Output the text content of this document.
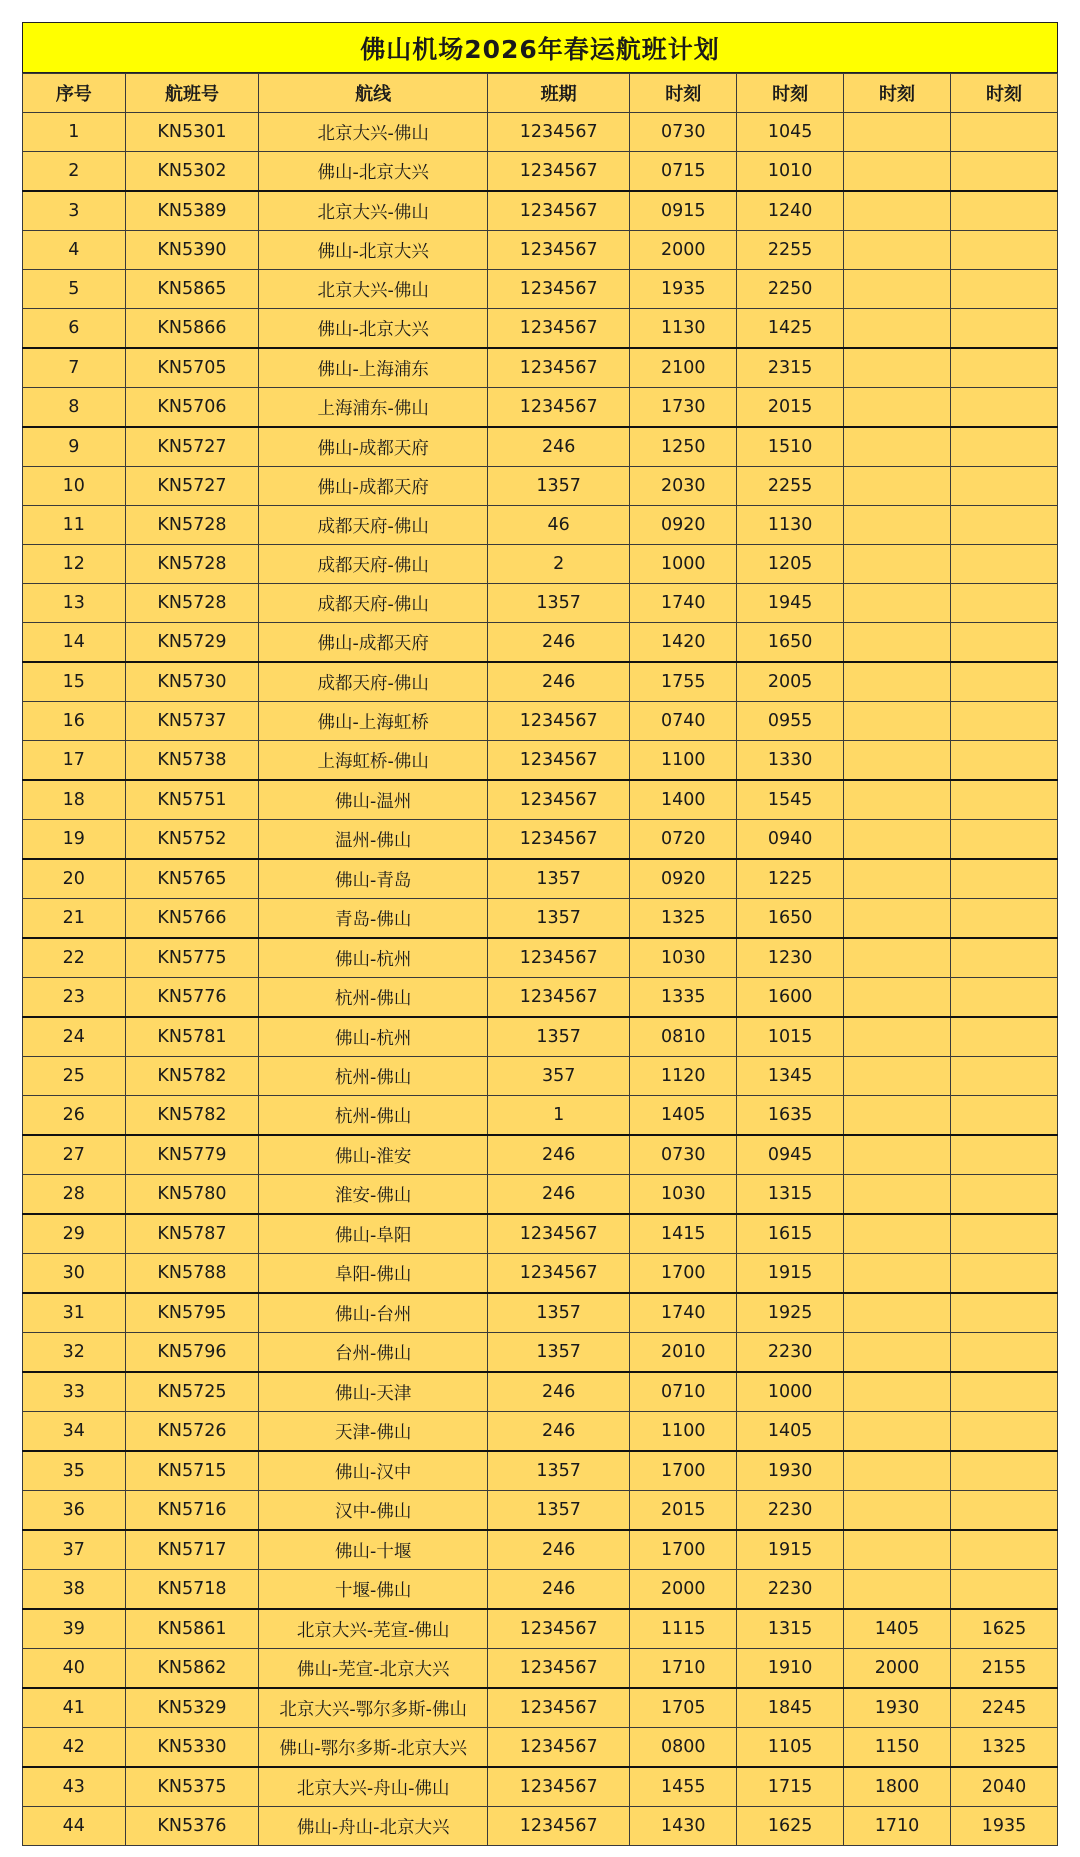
佛山机场2026年春运航班计划
序号	航班号	航线	班期	时刻	时刻	时刻	时刻
1	KN5301	北京大兴-佛山	1234567	0730	1045		
2	KN5302	佛山-北京大兴	1234567	0715	1010		
3	KN5389	北京大兴-佛山	1234567	0915	1240		
4	KN5390	佛山-北京大兴	1234567	2000	2255		
5	KN5865	北京大兴-佛山	1234567	1935	2250		
6	KN5866	佛山-北京大兴	1234567	1130	1425		
7	KN5705	佛山-上海浦东	1234567	2100	2315		
8	KN5706	上海浦东-佛山	1234567	1730	2015		
9	KN5727	佛山-成都天府	246	1250	1510		
10	KN5727	佛山-成都天府	1357	2030	2255		
11	KN5728	成都天府-佛山	46	0920	1130		
12	KN5728	成都天府-佛山	2	1000	1205		
13	KN5728	成都天府-佛山	1357	1740	1945		
14	KN5729	佛山-成都天府	246	1420	1650		
15	KN5730	成都天府-佛山	246	1755	2005		
16	KN5737	佛山-上海虹桥	1234567	0740	0955		
17	KN5738	上海虹桥-佛山	1234567	1100	1330		
18	KN5751	佛山-温州	1234567	1400	1545		
19	KN5752	温州-佛山	1234567	0720	0940		
20	KN5765	佛山-青岛	1357	0920	1225		
21	KN5766	青岛-佛山	1357	1325	1650		
22	KN5775	佛山-杭州	1234567	1030	1230		
23	KN5776	杭州-佛山	1234567	1335	1600		
24	KN5781	佛山-杭州	1357	0810	1015		
25	KN5782	杭州-佛山	357	1120	1345		
26	KN5782	杭州-佛山	1	1405	1635		
27	KN5779	佛山-淮安	246	0730	0945		
28	KN5780	淮安-佛山	246	1030	1315		
29	KN5787	佛山-阜阳	1234567	1415	1615		
30	KN5788	阜阳-佛山	1234567	1700	1915		
31	KN5795	佛山-台州	1357	1740	1925		
32	KN5796	台州-佛山	1357	2010	2230		
33	KN5725	佛山-天津	246	0710	1000		
34	KN5726	天津-佛山	246	1100	1405		
35	KN5715	佛山-汉中	1357	1700	1930		
36	KN5716	汉中-佛山	1357	2015	2230		
37	KN5717	佛山-十堰	246	1700	1915		
38	KN5718	十堰-佛山	246	2000	2230		
39	KN5861	北京大兴-芜宣-佛山	1234567	1115	1315	1405	1625
40	KN5862	佛山-芜宣-北京大兴	1234567	1710	1910	2000	2155
41	KN5329	北京大兴-鄂尔多斯-佛山	1234567	1705	1845	1930	2245
42	KN5330	佛山-鄂尔多斯-北京大兴	1234567	0800	1105	1150	1325
43	KN5375	北京大兴-舟山-佛山	1234567	1455	1715	1800	2040
44	KN5376	佛山-舟山-北京大兴	1234567	1430	1625	1710	1935
